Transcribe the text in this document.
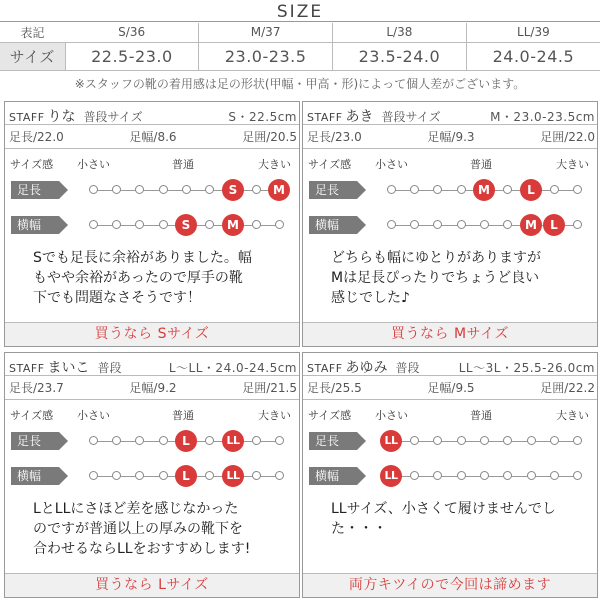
SIZE
表記	S/36	M/37	L/38	LL/39
サイズ	22.5-23.0	23.0-23.5	23.5-24.0	24.0-24.5
※スタッフの靴の着用感は足の形状(甲幅・甲高・形)によって個人差がございます。
STAFF りな 普段サイズ	S・22.5cm
足長/22.0	足幅/8.6	足囲/20.5
サイズ感 小さい	普通	大きい
足長	S	M
横幅	S	M
Sでも足長に余裕がありました。幅
もやや余裕があったので厚手の靴
下でも問題なさそうです！
買うなら Sサイズ
STAFF あき 普段サイズ	M・23.0-23.5cm
足長/23.0	足幅/9.3	足囲/22.0
サイズ感 小さい	普通	大きい
足長	M	L
横幅	M	L
どちらも幅にゆとりがありますが
Mは足長ぴったりでちょうど良い
感じでした♪
買うなら Mサイズ
STAFF まいこ 普段	L〜LL・24.0-24.5cm
足長/23.7	足幅/9.2	足囲/21.5
サイズ感 小さい	普通	大きい
足長	L	LL
横幅	L	LL
LとLLにさほど差を感じなかった
のですが普通以上の厚みの靴下を
合わせるならLLをおすすめします!
買うなら Lサイズ
STAFF あゆみ 普段	LL〜3L・25.5-26.0cm
足長/25.5	足幅/9.5	足囲/22.2
サイズ感 小さい	普通	大きい
足長	LL
横幅	LL
LLサイズ、小さくて履けませんでし
た・・・
両方キツイので今回は諦めます
